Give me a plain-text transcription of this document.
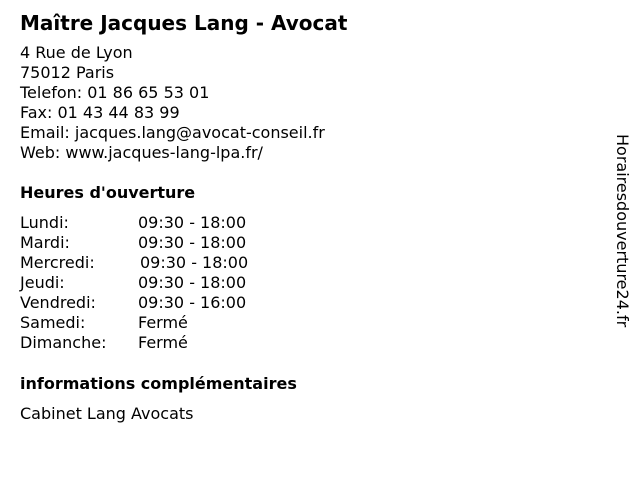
Maître Jacques Lang - Avocat
4 Rue de Lyon
75012 Paris
Telefon: 01 86 65 53 01
Fax: 01 43 44 83 99
Email: jacques.lang@avocat-conseil.fr
Web: www.jacques-lang-lpa.fr/
Heures d'ouverture
Lundi:	09:30 - 18:00
Mardi:	09:30 - 18:00
Mercredi:	09:30 - 18:00
Jeudi:	09:30 - 18:00
Vendredi:	09:30 - 16:00
Samedi:	Fermé
Dimanche: Fermé
informations complémentaires
Cabinet Lang Avocats
Horairesdouverture24.fr
